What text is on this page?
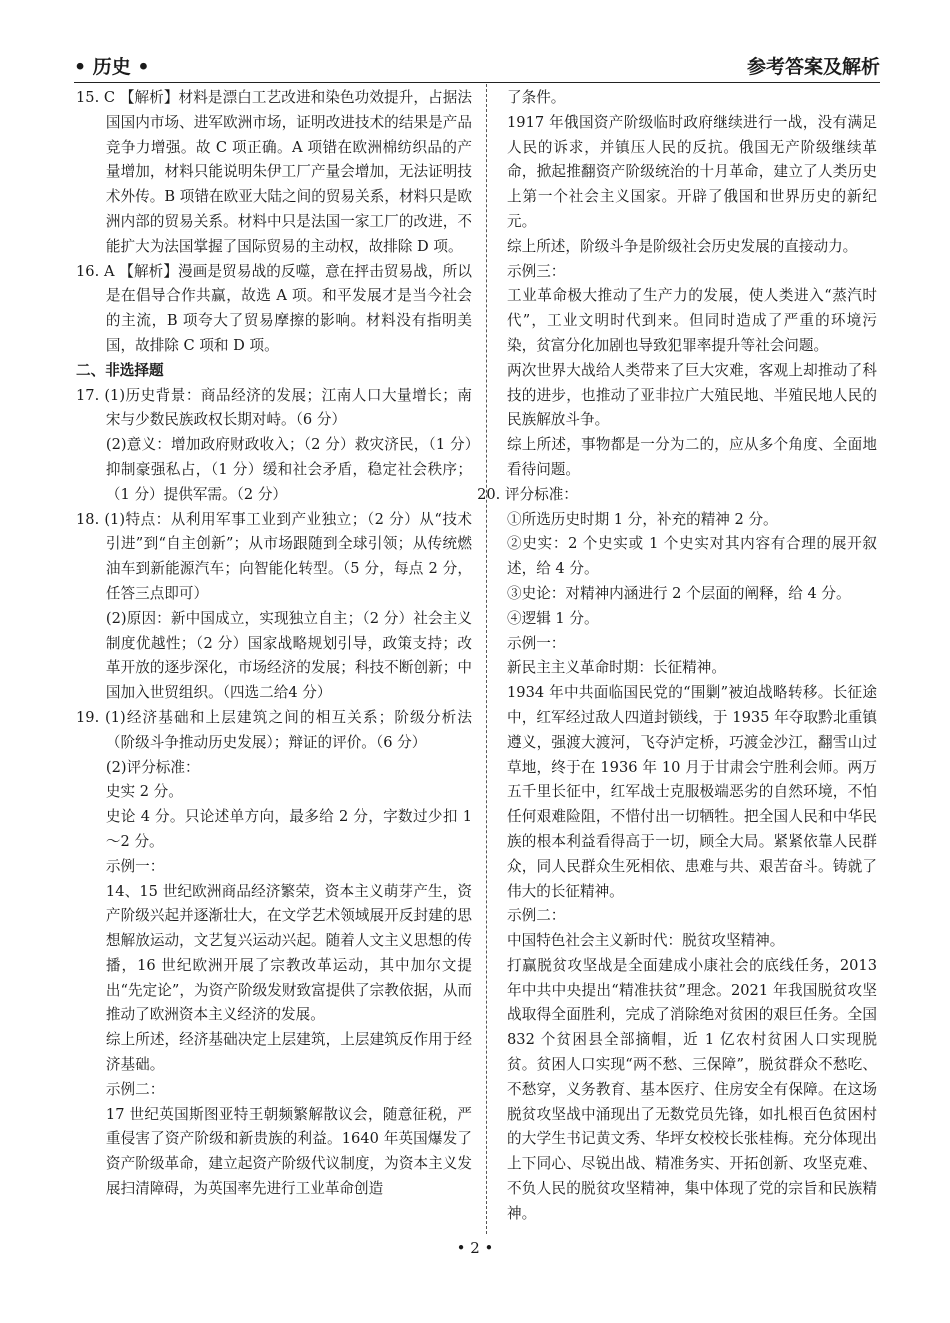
• 历史 •	参考答案及解析

15. C 【解析】材料是漂白工艺改进和染色功效提升，占据法国国内市场、进军欧洲市场，证明改进技术的结果是产品竞争力增强。故 C 项正确。A 项错在欧洲棉纺织品的产量增加，材料只能说明朱伊工厂产量会增加，无法证明技术外传。B 项错在欧亚大陆之间的贸易关系，材料只是欧洲内部的贸易关系。材料中只是法国一家工厂的改进，不能扩大为法国掌握了国际贸易的主动权，故排除 D 项。

16. A 【解析】漫画是贸易战的反噬，意在抨击贸易战，所以是在倡导合作共赢，故选 A 项。和平发展才是当今社会的主流，B 项夸大了贸易摩擦的影响。材料没有指明美国，故排除 C 项和 D 项。

二、非选择题

17. (1)历史背景：商品经济的发展；江南人口大量增长；南宋与少数民族政权长期对峙。（6 分）

(2)意义：增加政府财政收入；（2 分）救灾济民，（1 分）抑制豪强私占，（1 分）缓和社会矛盾，稳定社会秩序；（1 分）提供军需。（2 分）

18. (1)特点：从利用军事工业到产业独立；（2 分）从“技术引进”到“自主创新”；从市场跟随到全球引领；从传统燃油车到新能源汽车；向智能化转型。（5 分，每点 2 分，任答三点即可）

(2)原因：新中国成立，实现独立自主；（2 分）社会主义制度优越性；（2 分）国家战略规划引导，政策支持；改革开放的逐步深化，市场经济的发展；科技不断创新；中国加入世贸组织。（四选二给4 分）

19. (1)经济基础和上层建筑之间的相互关系；阶级分析法（阶级斗争推动历史发展）；辩证的评价。（6 分）

(2)评分标准：

史实 2 分。

史论 4 分。只论述单方向，最多给 2 分，字数过少扣 1～2 分。

示例一：

14、15 世纪欧洲商品经济繁荣，资本主义萌芽产生，资产阶级兴起并逐渐壮大，在文学艺术领域展开反封建的思想解放运动，文艺复兴运动兴起。随着人文主义思想的传播，16 世纪欧洲开展了宗教改革运动，其中加尔文提出“先定论”，为资产阶级发财致富提供了宗教依据，从而推动了欧洲资本主义经济的发展。

综上所述，经济基础决定上层建筑，上层建筑反作用于经济基础。

示例二：

17 世纪英国斯图亚特王朝频繁解散议会，随意征税，严重侵害了资产阶级和新贵族的利益。1640 年英国爆发了资产阶级革命，建立起资产阶级代议制度，为资本主义发展扫清障碍，为英国率先进行工业革命创造

了条件。

1917 年俄国资产阶级临时政府继续进行一战，没有满足人民的诉求，并镇压人民的反抗。俄国无产阶级继续革命，掀起推翻资产阶级统治的十月革命，建立了人类历史上第一个社会主义国家。开辟了俄国和世界历史的新纪元。

综上所述，阶级斗争是阶级社会历史发展的直接动力。

示例三：

工业革命极大推动了生产力的发展，使人类进入“蒸汽时代”，工业文明时代到来。但同时造成了严重的环境污染，贫富分化加剧也导致犯罪率提升等社会问题。

两次世界大战给人类带来了巨大灾难，客观上却推动了科技的进步，也推动了亚非拉广大殖民地、半殖民地人民的民族解放斗争。

综上所述，事物都是一分为二的，应从多个角度、全面地看待问题。

20. 评分标准：

①所选历史时期 1 分，补充的精神 2 分。

②史实：2 个史实或 1 个史实对其内容有合理的展开叙述，给 4 分。

③史论：对精神内涵进行 2 个层面的阐释，给 4 分。

④逻辑 1 分。

示例一：

新民主主义革命时期：长征精神。

1934 年中共面临国民党的“围剿”被迫战略转移。长征途中，红军经过敌人四道封锁线，于 1935 年夺取黔北重镇遵义，强渡大渡河，飞夺泸定桥，巧渡金沙江，翻雪山过草地，终于在 1936 年 10 月于甘肃会宁胜利会师。两万五千里长征中，红军战士克服极端恶劣的自然环境，不怕任何艰难险阻，不惜付出一切牺牲。把全国人民和中华民族的根本利益看得高于一切，顾全大局。紧紧依靠人民群众，同人民群众生死相依、患难与共、艰苦奋斗。铸就了伟大的长征精神。

示例二：

中国特色社会主义新时代：脱贫攻坚精神。

打赢脱贫攻坚战是全面建成小康社会的底线任务，2013 年中共中央提出“精准扶贫”理念。2021 年我国脱贫攻坚战取得全面胜利，完成了消除绝对贫困的艰巨任务。全国 832 个贫困县全部摘帽，近 1 亿农村贫困人口实现脱贫。贫困人口实现“两不愁、三保障”，脱贫群众不愁吃、不愁穿，义务教育、基本医疗、住房安全有保障。在这场脱贫攻坚战中涌现出了无数党员先锋，如扎根百色贫困村的大学生书记黄文秀、华坪女校校长张桂梅。充分体现出上下同心、尽锐出战、精准务实、开拓创新、攻坚克难、不负人民的脱贫攻坚精神，集中体现了党的宗旨和民族精神。

• 2 •
